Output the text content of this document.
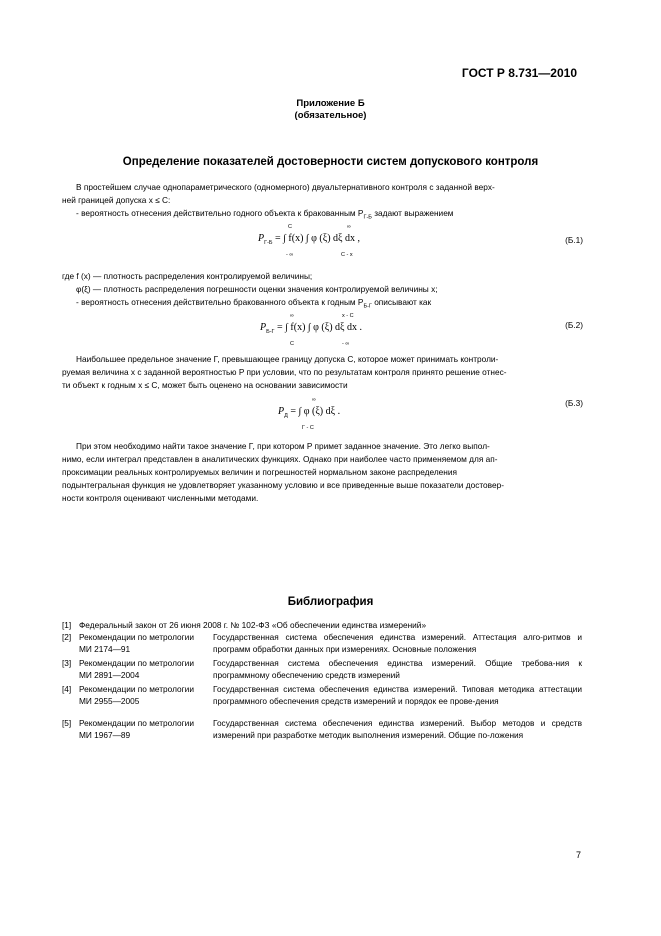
ГОСТ Р 8.731—2010
Приложение Б
(обязательное)
Определение показателей достоверности систем допускового контроля
В простейшем случае однопараметрического (одномерного) двуальтернативного контроля с заданной верх-
ней границей допуска x ≤ C:
- вероятность отнесения действительно годного объекта к бракованным $P_{Г-Б}$ задают выражением
C
- ∞
∞
C - x
$P_{Г-Б}$ = ∫ f(x) ∫ φ (ξ) dξ dx ,	(Б.1)
где f (x) — плотность распределения контролируемой величины;
φ(ξ) — плотность распределения погрешности оценки значения контролируемой величины x;
- вероятность отнесения действительно бракованного объекта к годным $P_{Б-Г}$ описывают как
∞
C
x - C
- ∞
$P_{Б-Г}$ = ∫ f(x) ∫ φ (ξ) dξ dx .	(Б.2)
Наибольшее предельное значение Γ, превышающее границу допуска C, которое может принимать контроли-
руемая величина x с заданной вероятностью P при условии, что по результатам контроля принято решение отнес-
ти объект к годным x ≤ C, может быть оценено на основании зависимости
∞
Γ - C
$P_Д$ = ∫ φ (ξ) dξ .
(Б.3)
При этом необходимо найти такое значение Γ, при котором P примет заданное значение. Это легко выпол-
нимо, если интеграл представлен в аналитических функциях. Однако при наиболее часто применяемом для ап-
проксимации реальных контролируемых величин и погрешностей нормальном законе распределения
подынтегральная функция не удовлетворяет указанному условию и все приведенные выше показатели достовер-
ности контроля оценивают численными методами.
Библиография
[1] Федеральный закон от 26 июня 2008 г. № 102-ФЗ «Об обеспечении единства измерений»
[2] Рекомендации по метрологии
МИ 2174—91
Государственная система обеспечения единства измерений. Аттестация алго-ритмов и программ обработки данных при измерениях. Основные положения
[3] Рекомендации по метрологии
МИ 2891—2004
Государственная система обеспечения единства измерений. Общие требова-ния к программному обеспечению средств измерений
[4] Рекомендации по метрологии
МИ 2955—2005
Государственная система обеспечения единства измерений. Типовая методика аттестации программного обеспечения средств измерений и порядок ее прове-дения
[5] Рекомендации по метрологии
МИ 1967—89
Государственная система обеспечения единства измерений. Выбор методов и средств измерений при разработке методик выполнения измерений. Общие по-ложения
7
